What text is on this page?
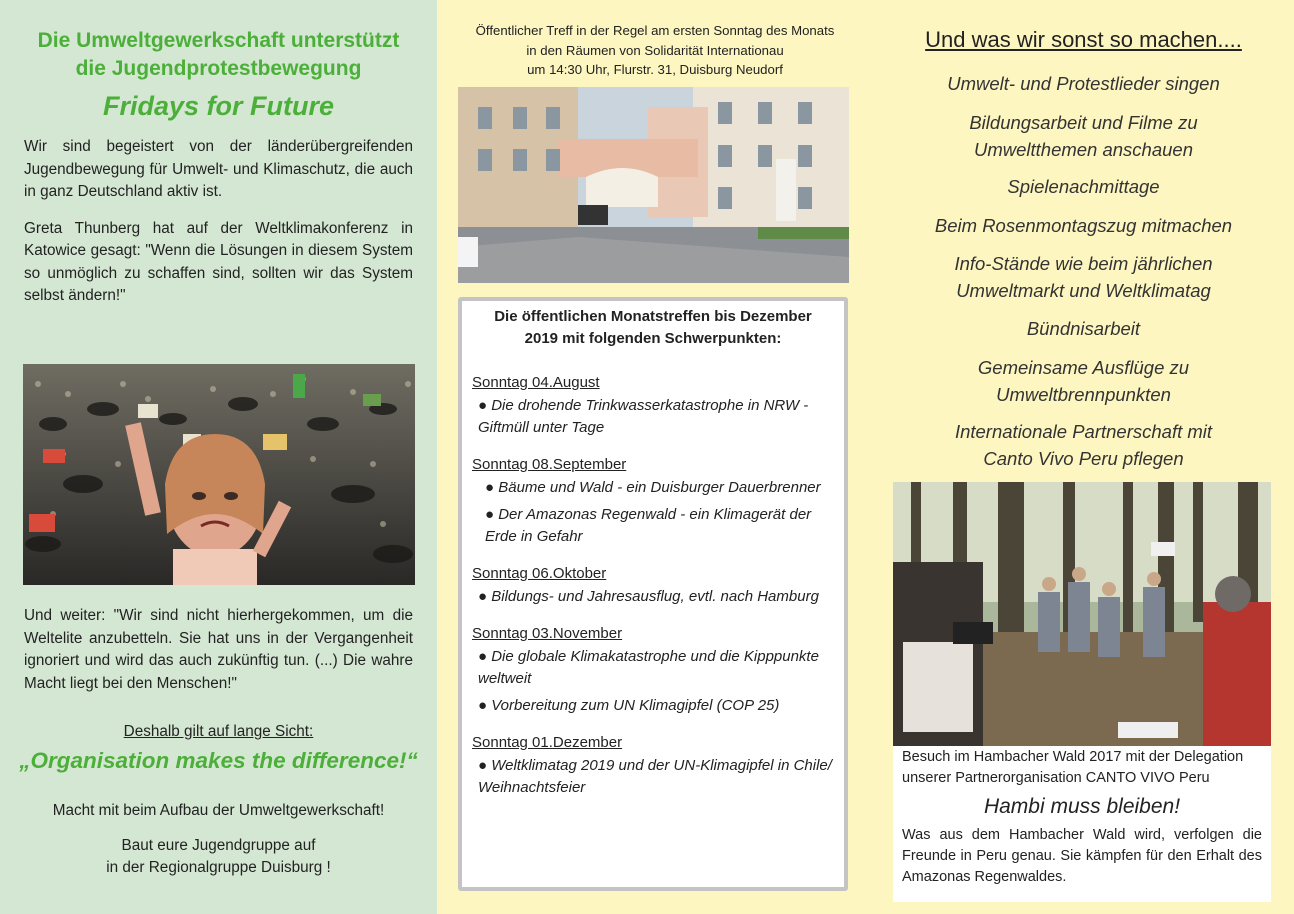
Die Umweltgewerkschaft unterstützt
die Jugendprotestbewegung
Fridays for Future

Wir sind begeistert von der länderübergreifenden Jugendbewegung für Umwelt- und Klimaschutz, die auch in ganz Deutschland aktiv ist.

Greta Thunberg hat auf der Weltklimakonferenz in Katowice gesagt: "Wenn die Lösungen in diesem System so unmöglich zu schaffen sind, sollten wir das System selbst ändern!"

Und weiter: "Wir sind nicht hierhergekommen, um die Weltelite anzubetteln. Sie hat uns in der Vergangenheit ignoriert und wird das auch zukünftig tun. (...) Die wahre Macht liegt bei den Menschen!"

Deshalb gilt auf lange Sicht:
„Organisation makes the difference!“
Macht mit beim Aufbau der Umweltgewerkschaft!
Baut eure Jugendgruppe auf
in der Regionalgruppe Duisburg !
Öffentlicher Treff in der Regel am ersten Sonntag des Monats
in den Räumen von Solidarität Internationau
um 14:30 Uhr, Flurstr. 31, Duisburg Neudorf
Die öffentlichen Monatstreffen bis Dezember
2019 mit folgenden Schwerpunkten:

Sonntag 04.August

● Die drohende Trinkwasserkatastrophe in NRW - Giftmüll unter Tage

Sonntag 08.September

● Bäume und Wald - ein Duisburger Dauerbrenner

● Der Amazonas Regenwald - ein Klimagerät der Erde in Gefahr

Sonntag 06.Oktober

● Bildungs- und Jahresausflug, evtl. nach Hamburg

Sonntag 03.November

● Die globale Klimakatastrophe und die Kipppunkte weltweit

● Vorbereitung zum UN Klimagipfel (COP 25)

Sonntag 01.Dezember

● Weltklimatag 2019 und der UN-Klimagipfel in Chile/ Weihnachtsfeier

Und was wir sonst so machen....
Umwelt- und Protestlieder singen
Bildungsarbeit und Filme zu Umweltthemen anschauen
Spielenachmittage
Beim Rosenmontagszug mitmachen
Info-Stände wie beim jährlichen Umweltmarkt und Weltklimatag
Bündnisarbeit
Gemeinsame Ausflüge zu Umweltbrennpunkten
Internationale Partnerschaft mit Canto Vivo Peru pflegen

Besuch im Hambacher Wald 2017 mit der Delegation

unserer Partnerorganisation CANTO VIVO Peru

Hambi muss bleiben!

Was aus dem Hambacher Wald wird, verfolgen die Freunde in Peru genau. Sie kämpfen für den Erhalt des Amazonas Regenwaldes.
